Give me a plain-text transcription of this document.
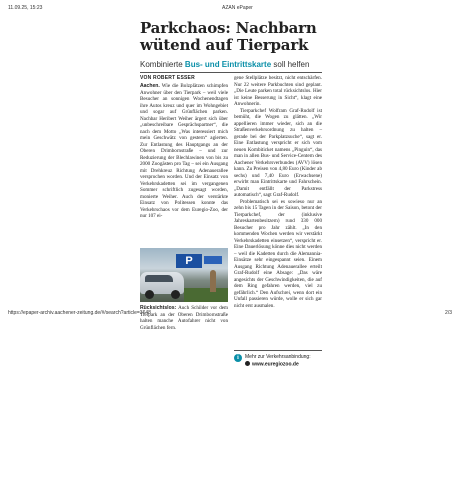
11.09.25, 15:23	AZAN ePaper
Parkchaos: Nachbarn
wütend auf Tierpark
Kombinierte Bus- und Eintrittskarte soll helfen
VON ROBERT ESSER

Aachen. Wie die Bolzplätzen schimpfen Anwohner über den Tierpark – weil viele Besucher an sonnigen Wochenendtagen ihre Autos kreuz und quer im Wohngebiet und sogar auf Grünflächen parken. Nachbar Heribert Weiher ärgert sich über „unbeschreibare Gesprächspartner“, die nach dem Motto „Was interessiert mich mein Geschwätz von gestern“ agierten. Zur Entlastung des Hauptgangs an der Oberen Drimbornstraße – und zur Reduzierung der Blechlawinen von bis zu 2000 Zoogästen pro Tag – sei ein Ausgang mit Drehkreuz Richtung Adenauerallee versprochen worden. Und der Einsatz von Verkehrskadetten sei im vergangenen Sommer schriftlich zugesagt worden, monierte Weiher. Auch der verstärkte Einsatz von Politessen konnte das Verkehrschaos vor dem Euregio-Zoo, der nur 107 ei-

P
Rücksichtslos: Auch Schilder vor dem Tierpark an der Oberen Drimbornstraße halten manche Autofahrer nicht von Grünflächen fern.

gene Stellplätze besitzt, nicht entschärfen. Nur 22 weitere Parkbuchten sind geplant. „Die Leute parken total rücksichtslos. Hier ist keine Besserung in Sicht“, klagt eine Anwohnerin.

Tierparkchef Wolfram Graf-Rudolf ist bemüht, die Wogen zu glätten. „Wir appellieren immer wieder, sich an die Straßenverkehrsordnung zu halten – gerade bei der Parkplatzsuche“, sagt er. Eine Entlastung verspricht er sich vom neuen Kombiticket namens „Pinguin“, das man in allen Bus- und Service-Centern des Aachener Verkehrsverbundes (AVV) lösen kann. Zu Preisen von 4,80 Euro (Kinder ab sechs) und 7,40 Euro (Erwachsene) erwirbt man Eintrittskarte und Fahrschein. „Damit entfällt der Parkstress automatisch“, sagt Graf-Rudolf.

Problematisch sei es sowieso nur an zehn bis 15 Tagen in der Saison, betont der Tierparkchef, der (inklusive Jahreskartenbesitzern) rund 330 000 Besucher pro Jahr zählt. „In den kommenden Wochen werden wir verstärkt Verkehrskadetten einsetzen“, verspricht er. Eine Dauerlösung könne dies nicht werden – weil die Kadetten durch die Alemannia-Einsätze sehr eingespannt seien. Einem Ausgang Richtung Adenauerallee erteilt Graf-Rudolf eine Absage: „Das wäre angesichts der Geschwindigkeiten, die auf dem Ring gefahren werden, viel zu gefährlich.“ Den Aufschrei, wenn dort ein Unfall passieren würde, wolle er sich gar nicht erst ausmalen.

i	Mehr zur Verkehrsanbindung:
www.euregiozoo.de
https://epaper-archiv.aachener-zeitung.de/#/search?article=3648	2/3
